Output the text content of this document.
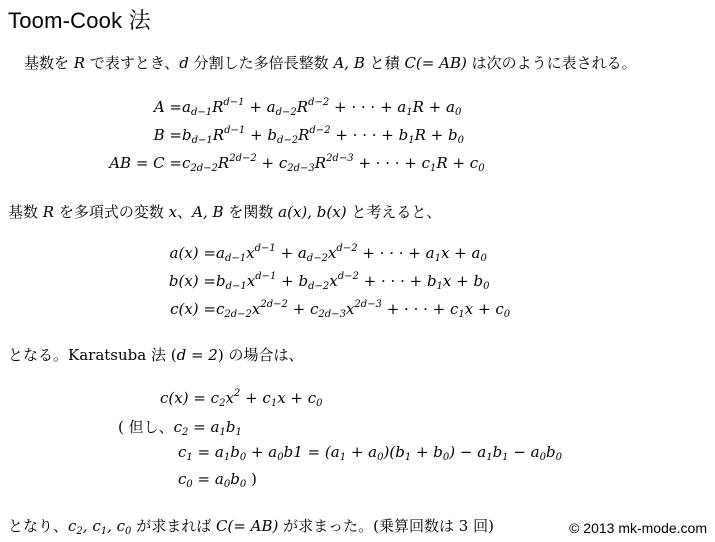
Toom-Cook 法
基数を R で表すとき、d 分割した多倍長整数 A, B と積 C(= AB) は次のように表される。
$A = a_{d-1}R^{d-1} + a_{d-2}R^{d-2}$ + · · · + $a_1R + a_0$
$B = b_{d-1}R^{d-1} + b_{d-2}R^{d-2}$ + · · · + $b_1R + b_0$
AB = $C = c_{2d-2}R^{2d-2} + c_{2d-3}R^{2d-3}$ + · · · + $c_1R + c_0$
基数 R を多項式の変数 x、A, B を関数 a(x), b(x) と考えると、
$a(x) = a_{d-1}x^{d-1} + a_{d-2}x^{d-2}$ + · · · + $a_1x + a_0$
$b(x) = b_{d-1}x^{d-1} + b_{d-2}x^{d-2}$ + · · · + $b_1x + b_0$
$c(x) = c_{2d-2}x^{2d-2} + c_{2d-3}x^{2d-3}$ + · · · + $c_1x + c_0$
となる。Karatsuba 法 (d = 2) の場合は、
$c(x) = c_2x^2 + c_1x + c_0$
( 但し、$c_2 = a_1b_1$
$c_1 = a_1b_0 + a_0b1 = (a_1 + a_0)(b_1 + b_0) - a_1b_1 - a_0b_0$
$c_0 = a_0b_0$ )
となり、$c_2$, $c_1$, $c_0$ が求まれば C(= AB) が求まった。(乗算回数は 3 回)	© 2013 mk-mode.com
